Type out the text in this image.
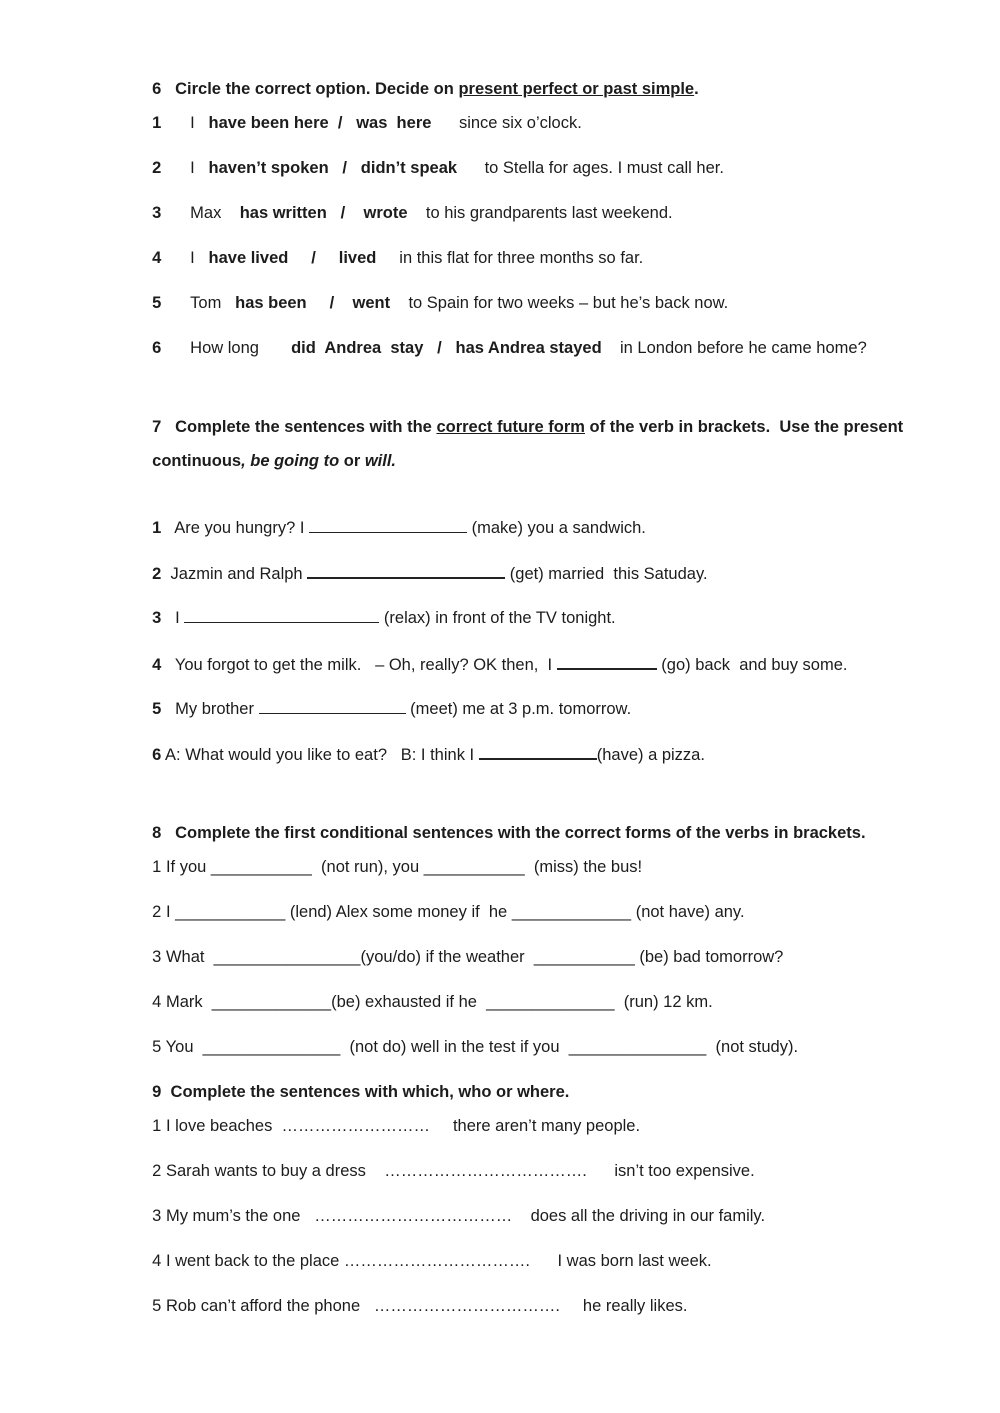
6 Circle the correct option. Decide on present perfect or past simple.

1 I have been here / was  here since six o’clock.

2 I haven’t spoken / didn’t speak to Stella for ages. I must call her.

3 Max has written / wrote to his grandparents last weekend.

4 I have lived / lived in this flat for three months so far.

5 Tom has been / went to Spain for two weeks – but he’s back now.

6 How long did  Andrea  stay / has Andrea stayed in London before he came home?

7 Complete the sentences with the correct future form of the verb in brackets.  Use the present

continuous, be going to or will.

1 Are you hungry? I	(make) you a sandwich.

2 Jazmin and Ralph	(get) married  this Satuday.

3 I	(relax) in front of the TV tonight.

4 You forgot to get the milk.   – Oh, really? OK then,  I	(go) back  and buy some.

5 My brother	(meet) me at 3 p.m. tomorrow.

6 A: What would you like to eat?   B: I think I	(have) a pizza.

8 Complete the first conditional sentences with the correct forms of the verbs in brackets.

1 If you ___________ (not run), you ___________ (miss) the bus!

2 I ____________ (lend) Alex some money if  he _____________ (not have) any.

3 What ________________(you/do) if the weather ___________ (be) bad tomorrow?

4 Mark _____________(be) exhausted if he ______________ (run) 12 km.

5 You _______________ (not do) well in the test if you _______________ (not study).

9 Complete the sentences with which, who or where.

1 I love beaches ……………………… there aren’t many people.

2 Sarah wants to buy a dress ………………………………. isn’t too expensive.

3 My mum’s the one ……………………………… does all the driving in our family.

4 I went back to the place ……………………………. I was born last week.

5 Rob can’t afford the phone ……………………………. he really likes.
